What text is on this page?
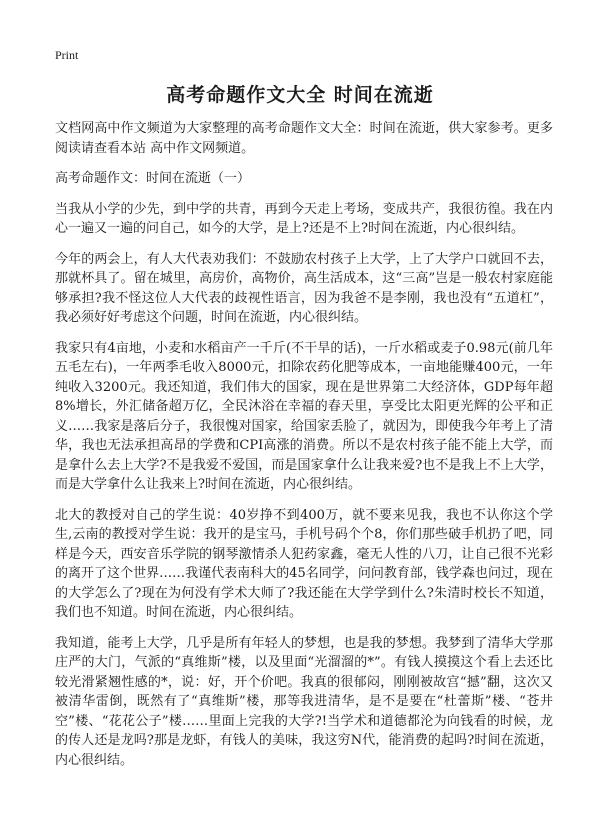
Print
高考命题作文大全 时间在流逝

文档网高中作文频道为大家整理的高考命题作文大全：时间在流逝，供大家参考。更多阅读请查看本站 高中作文网频道。

高考命题作文：时间在流逝（一）

当我从小学的少先，到中学的共青，再到今天走上考场，变成共产，我很彷徨。我在内心一遍又一遍的问自己，如今的大学，是上?还是不上?时间在流逝，内心很纠结。

今年的两会上，有人大代表劝我们：不鼓励农村孩子上大学，上了大学户口就回不去，那就杯具了。留在城里，高房价，高物价，高生活成本，这“三高”岂是一般农村家庭能够承担?我不怪这位人大代表的歧视性语言，因为我爸不是李刚，我也没有“五道杠”，我必须好好考虑这个问题，时间在流逝，内心很纠结。

我家只有4亩地，小麦和水稻亩产一千斤(不干旱的话)，一斤水稻或麦子0.98元(前几年五毛左右)，一年两季毛收入8000元，扣除农药化肥等成本，一亩地能赚400元，一年纯收入3200元。我还知道，我们伟大的国家，现在是世界第二大经济体，GDP每年超8%增长，外汇储备超万亿，全民沐浴在幸福的春天里，享受比太阳更光辉的公平和正义……我家是落后分子，我很愧对国家，给国家丢脸了，就因为，即使我今年考上了清华，我也无法承担高昂的学费和CPI高涨的消费。所以不是农村孩子能不能上大学，而是拿什么去上大学?不是我爱不爱国，而是国家拿什么让我来爱?也不是我上不上大学，而是大学拿什么让我来上?时间在流逝，内心很纠结。

北大的教授对自己的学生说：40岁挣不到400万，就不要来见我，我也不认你这个学生,云南的教授对学生说：我开的是宝马，手机号码个个8，你们那些破手机扔了吧，同样是今天，西安音乐学院的钢琴激情杀人犯药家鑫，毫无人性的八刀，让自己很不光彩的离开了这个世界……我谨代表南科大的45名同学，问问教育部，钱学森也问过，现在的大学怎么了?现在为何没有学术大师了?我还能在大学学到什么?朱清时校长不知道，我们也不知道。时间在流逝，内心很纠结。

我知道，能考上大学，几乎是所有年轻人的梦想，也是我的梦想。我梦到了清华大学那庄严的大门，气派的“真维斯”楼，以及里面“光溜溜的*”。有钱人摸摸这个看上去还比较光滑紧翘性感的*，说：好，开个价吧。我真的很郁闷，刚刚被故宫“撼”翻，这次又被清华雷倒，既然有了“真维斯”楼，那等我进清华，是不是要在“杜蕾斯”楼、“苍井空”楼、“花花公子”楼……里面上完我的大学?!当学术和道德都沦为向钱看的时候，龙的传人还是龙吗?那是龙虾，有钱人的美味，我这穷N代，能消费的起吗?时间在流逝，内心很纠结。
